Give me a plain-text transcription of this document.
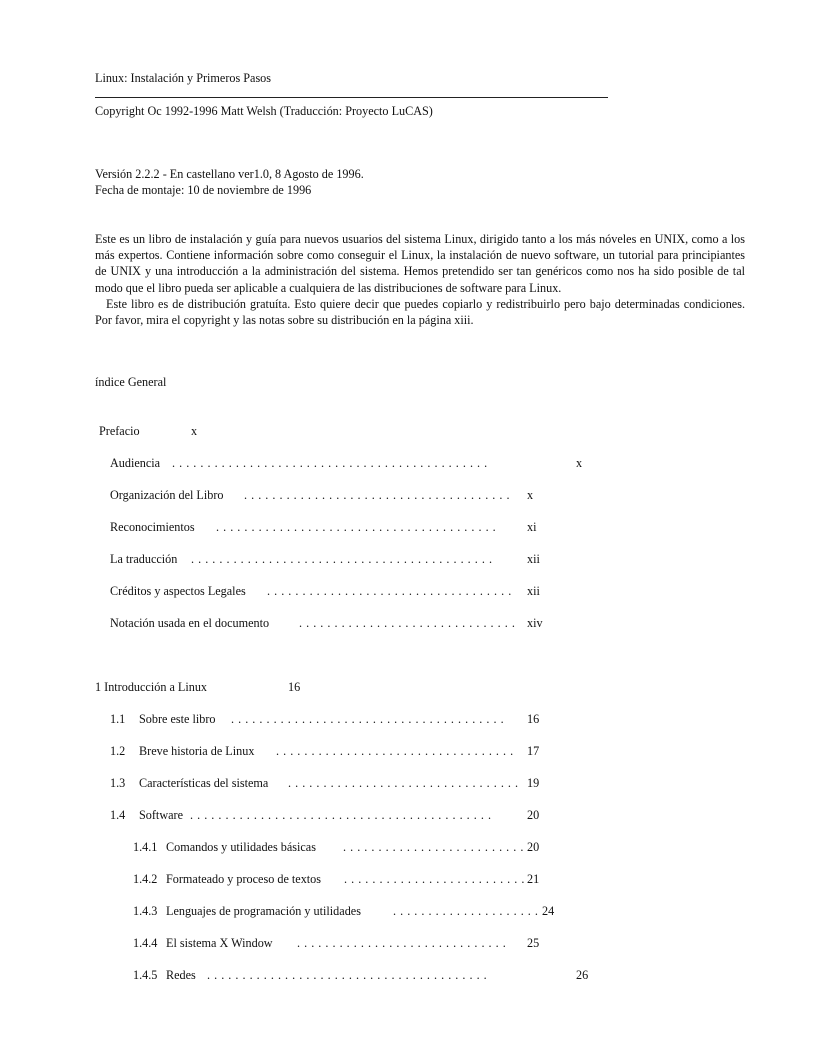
Linux: Instalación y Primeros Pasos
Copyright Oc 1992-1996 Matt Welsh (Traducción: Proyecto LuCAS)
Versión 2.2.2 - En castellano ver1.0, 8 Agosto de 1996.
Fecha de montaje: 10 de noviembre de 1996

Este es un libro de instalación y guía para nuevos usuarios del sistema Linux, dirigido tanto a los más nóveles en UNIX, como a los más expertos. Contiene información sobre como conseguir el Linux, la instalación de nuevo software, un tutorial para principiantes de UNIX y una introducción a la administración del sistema. Hemos pretendido ser tan genéricos como nos ha sido posible de tal modo que el libro pueda ser aplicable a cualquiera de las distribuciones de software para Linux.

Este libro es de distribución gratuíta. Esto quiere decir que puedes copiarlo y redistribuirlo pero bajo determinadas condiciones. Por favor, mira el copyright y las notas sobre su distribución en la página xiii.

índice General
Prefacio	x
Audiencia . . . . . . . . . . . . . . . . . . . . . . . . . . . . . . . . . . . . . . . . . . . . .	x
Organización del Libro . . . . . . . . . . . . . . . . . . . . . . . . . . . . . . . . . . . . . . x
Reconocimientos . . . . . . . . . . . . . . . . . . . . . . . . . . . . . . . . . . . . . . . .	xi
La traducción . . . . . . . . . . . . . . . . . . . . . . . . . . . . . . . . . . . . . . . . . . .	xii
Créditos y aspectos Legales . . . . . . . . . . . . . . . . . . . . . . . . . . . . . . . . . . . xii
Notación usada en el documento . . . . . . . . . . . . . . . . . . . . . . . . . . . . . . . xiv
1 Introducción a Linux	16
1.1 Sobre este libro . . . . . . . . . . . . . . . . . . . . . . . . . . . . . . . . . . . . . . . 16
1.2 Breve historia de Linux . . . . . . . . . . . . . . . . . . . . . . . . . . . . . . . . . . 17
1.3 Características del sistema . . . . . . . . . . . . . . . . . . . . . . . . . . . . . . . . . 19
1.4 Software . . . . . . . . . . . . . . . . . . . . . . . . . . . . . . . . . . . . . . . . . . .	20
1.4.1 Comandos y utilidades básicas . . . . . . . . . . . . . . . . . . . . . . . . . . 20
1.4.2 Formateado y proceso de textos . . . . . . . . . . . . . . . . . . . . . . . . . . 21
1.4.3 Lenguajes de programación y utilidades	. . . . . . . . . . . . . . . . . . . . . 24
1.4.4 El sistema X Window . . . . . . . . . . . . . . . . . . . . . . . . . . . . . . 25
1.4.5 Redes . . . . . . . . . . . . . . . . . . . . . . . . . . . . . . . . . . . . . . . .	26
